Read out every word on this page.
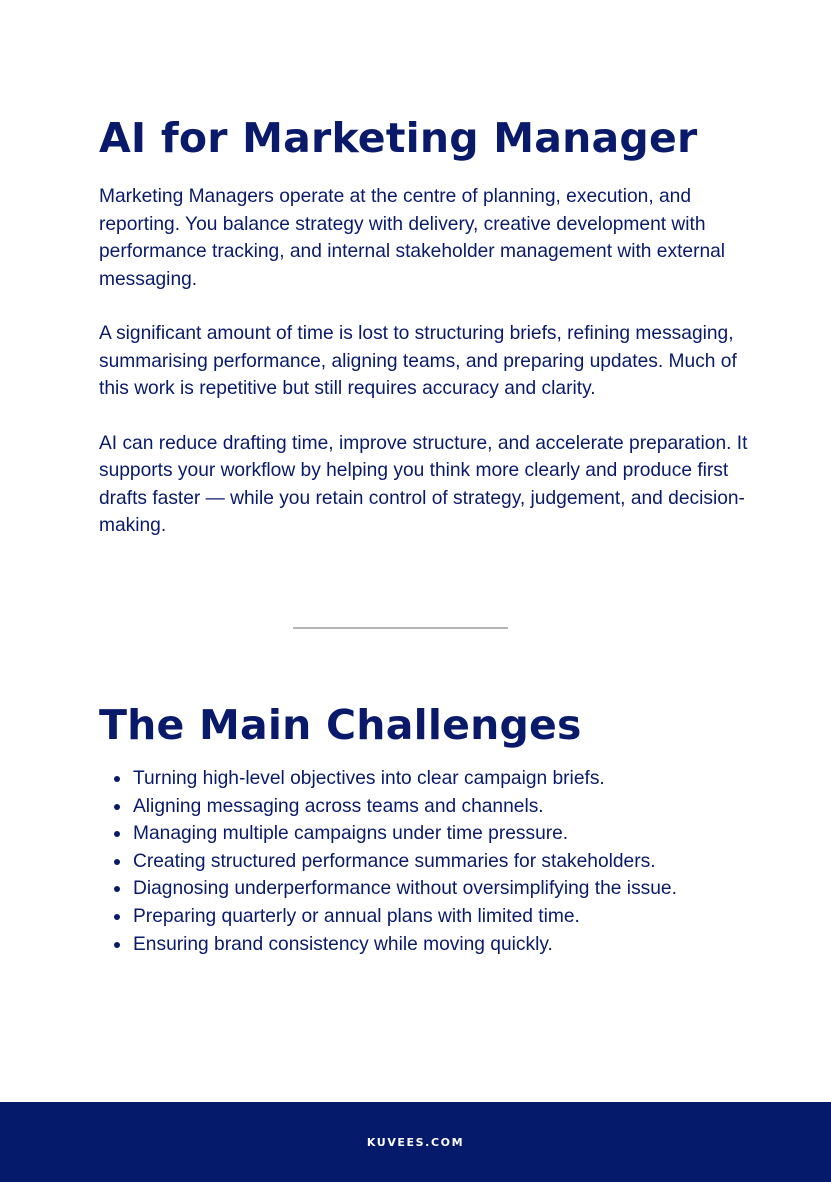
AI for Marketing Manager

Marketing Managers operate at the centre of planning, execution, and reporting. You balance strategy with delivery, creative development with performance tracking, and internal stakeholder management with external messaging.

A significant amount of time is lost to structuring briefs, refining messaging, summarising performance, aligning teams, and preparing updates. Much of this work is repetitive but still requires accuracy and clarity.

AI can reduce drafting time, improve structure, and accelerate preparation. It supports your workflow by helping you think more clearly and produce first drafts faster — while you retain control of strategy, judgement, and decision-making.

The Main Challenges
Turning high-level objectives into clear campaign briefs.
Aligning messaging across teams and channels.
Managing multiple campaigns under time pressure.
Creating structured performance summaries for stakeholders.
Diagnosing underperformance without oversimplifying the issue.
Preparing quarterly or annual plans with limited time.
Ensuring brand consistency while moving quickly.
KUVEES.COM
